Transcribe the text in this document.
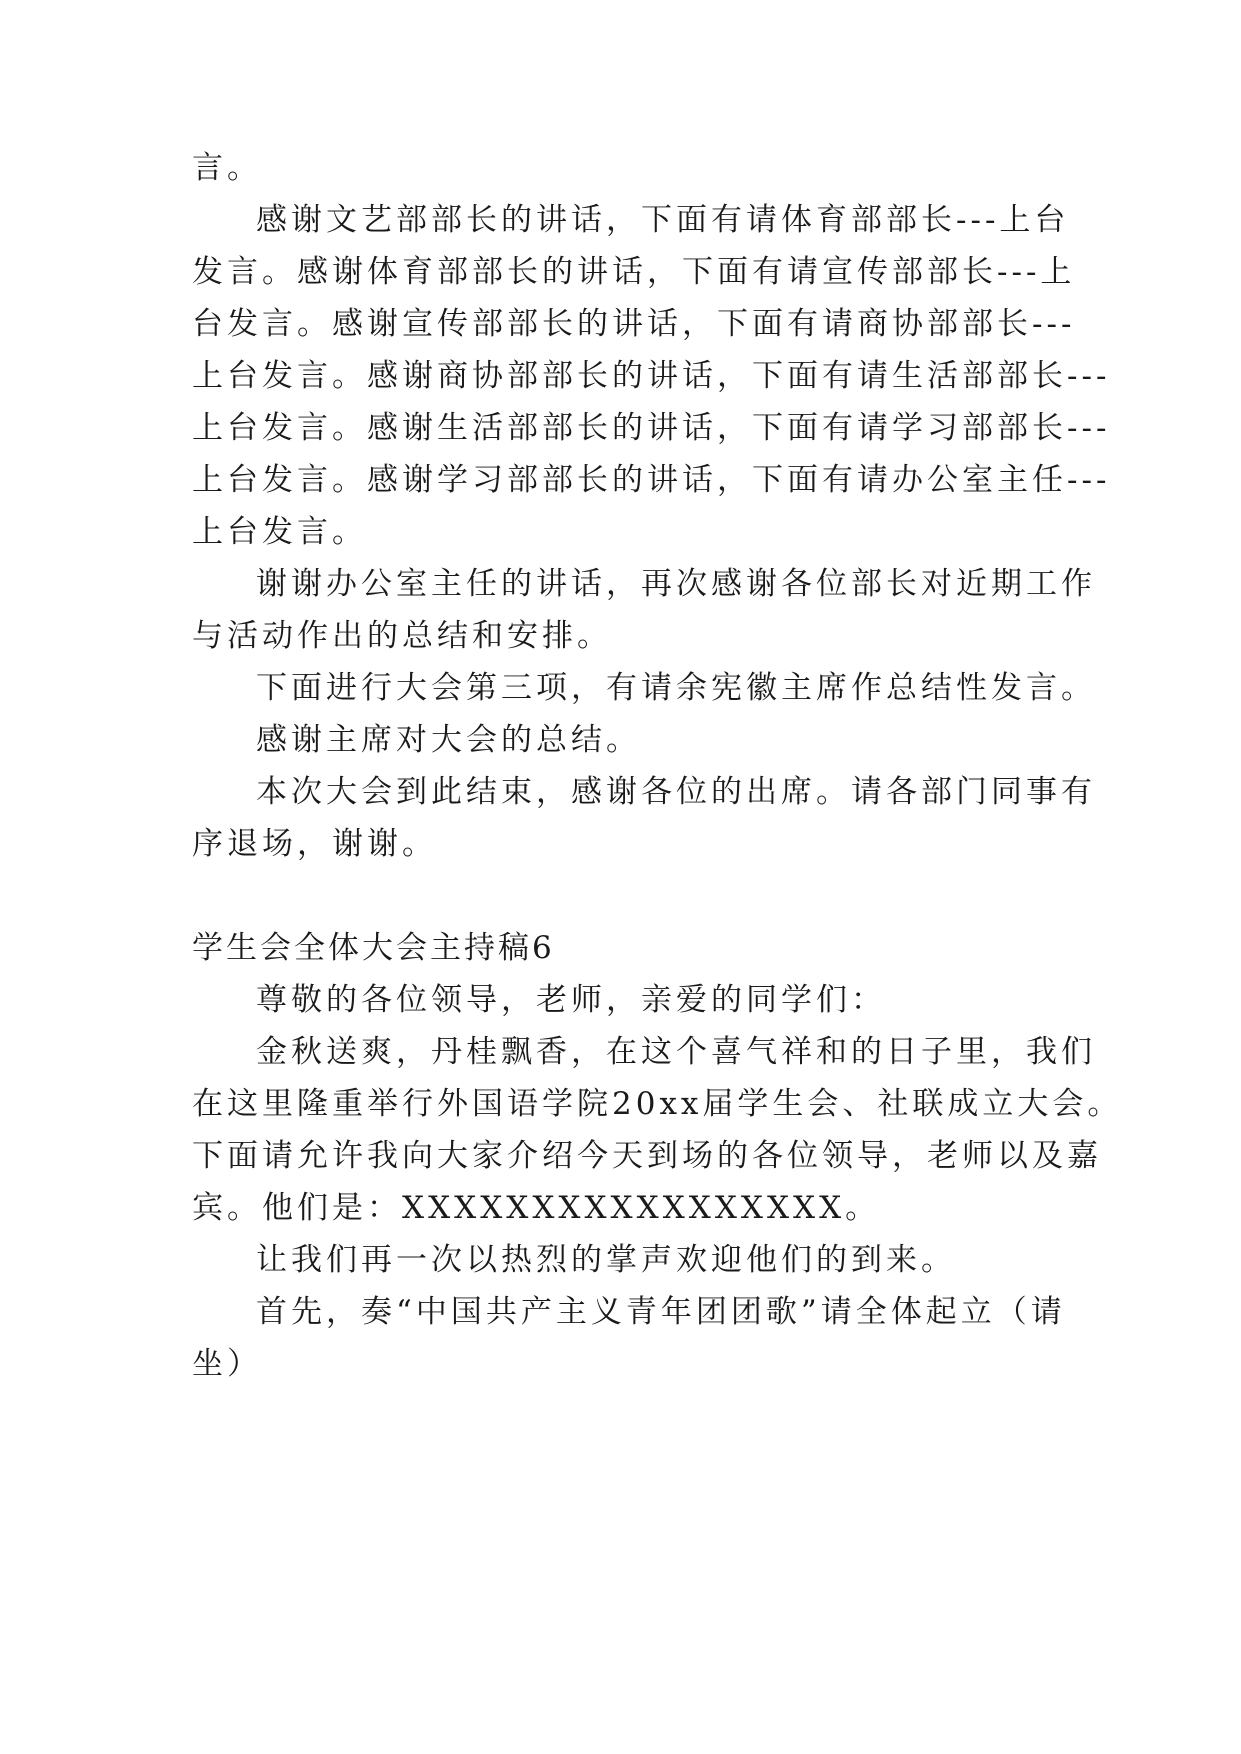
言。
感谢文艺部部长的讲话，下面有请体育部部长---上台
发言。感谢体育部部长的讲话，下面有请宣传部部长---上
台发言。感谢宣传部部长的讲话，下面有请商协部部长---
上台发言。感谢商协部部长的讲话，下面有请生活部部长---
上台发言。感谢生活部部长的讲话，下面有请学习部部长---
上台发言。感谢学习部部长的讲话，下面有请办公室主任---
上台发言。
谢谢办公室主任的讲话，再次感谢各位部长对近期工作
与活动作出的总结和安排。
下面进行大会第三项，有请余宪徽主席作总结性发言。
感谢主席对大会的总结。
本次大会到此结束，感谢各位的出席。请各部门同事有
序退场，谢谢。
学生会全体大会主持稿6
尊敬的各位领导，老师，亲爱的同学们：
金秋送爽，丹桂飘香，在这个喜气祥和的日子里，我们
在这里隆重举行外国语学院20xx届学生会、社联成立大会。
下面请允许我向大家介绍今天到场的各位领导，老师以及嘉
宾。他们是：XXXXXXXXXXXXXXXXX。
让我们再一次以热烈的掌声欢迎他们的到来。
首先，奏“中国共产主义青年团团歌”请全体起立（请
坐）
